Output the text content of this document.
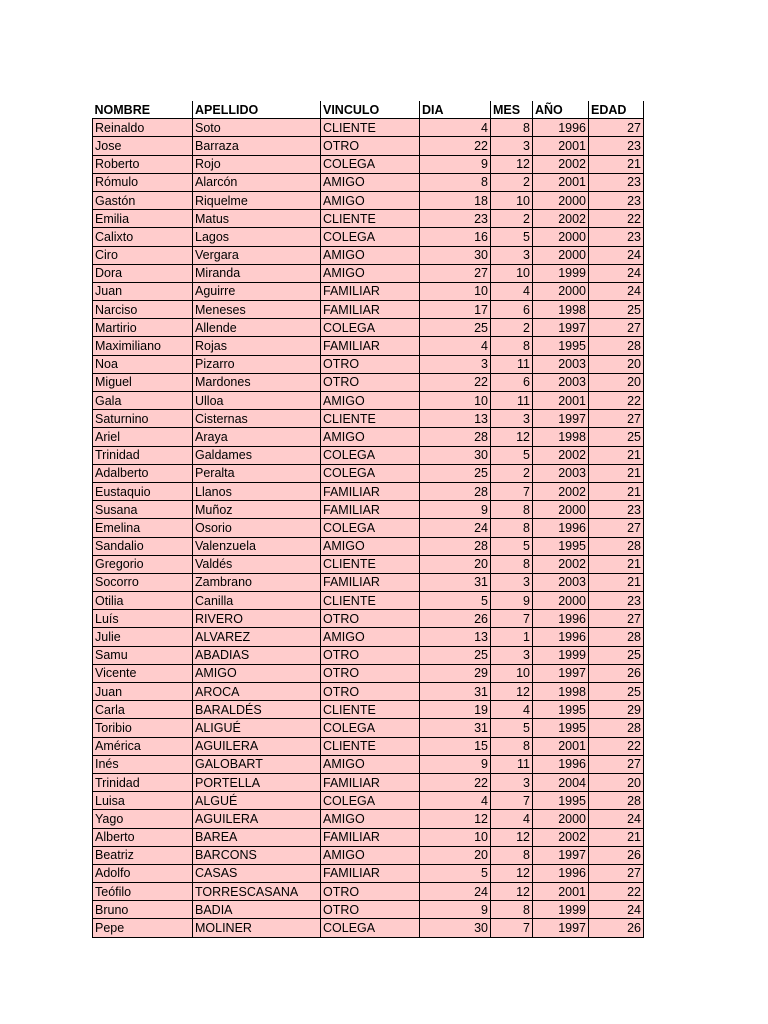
NOMBRE	APELLIDO	VINCULO	DIA	MES	AÑO	EDAD
Reinaldo	Soto	CLIENTE	4	8	1996	27
Jose	Barraza	OTRO	22	3	2001	23
Roberto	Rojo	COLEGA	9	12	2002	21
Rómulo	Alarcón	AMIGO	8	2	2001	23
Gastón	Riquelme	AMIGO	18	10	2000	23
Emilia	Matus	CLIENTE	23	2	2002	22
Calixto	Lagos	COLEGA	16	5	2000	23
Ciro	Vergara	AMIGO	30	3	2000	24
Dora	Miranda	AMIGO	27	10	1999	24
Juan	Aguirre	FAMILIAR	10	4	2000	24
Narciso	Meneses	FAMILIAR	17	6	1998	25
Martirio	Allende	COLEGA	25	2	1997	27
Maximiliano	Rojas	FAMILIAR	4	8	1995	28
Noa	Pizarro	OTRO	3	11	2003	20
Miguel	Mardones	OTRO	22	6	2003	20
Gala	Ulloa	AMIGO	10	11	2001	22
Saturnino	Cisternas	CLIENTE	13	3	1997	27
Ariel	Araya	AMIGO	28	12	1998	25
Trinidad	Galdames	COLEGA	30	5	2002	21
Adalberto	Peralta	COLEGA	25	2	2003	21
Eustaquio	Llanos	FAMILIAR	28	7	2002	21
Susana	Muñoz	FAMILIAR	9	8	2000	23
Emelina	Osorio	COLEGA	24	8	1996	27
Sandalio	Valenzuela	AMIGO	28	5	1995	28
Gregorio	Valdés	CLIENTE	20	8	2002	21
Socorro	Zambrano	FAMILIAR	31	3	2003	21
Otilia	Canilla	CLIENTE	5	9	2000	23
Luís	RIVERO	OTRO	26	7	1996	27
Julie	ALVAREZ	AMIGO	13	1	1996	28
Samu	ABADIAS	OTRO	25	3	1999	25
Vicente	AMIGO	OTRO	29	10	1997	26
Juan	AROCA	OTRO	31	12	1998	25
Carla	BARALDÉS	CLIENTE	19	4	1995	29
Toribio	ALIGUÉ	COLEGA	31	5	1995	28
América	AGUILERA	CLIENTE	15	8	2001	22
Inés	GALOBART	AMIGO	9	11	1996	27
Trinidad	PORTELLA	FAMILIAR	22	3	2004	20
Luisa	ALGUÉ	COLEGA	4	7	1995	28
Yago	AGUILERA	AMIGO	12	4	2000	24
Alberto	BAREA	FAMILIAR	10	12	2002	21
Beatriz	BARCONS	AMIGO	20	8	1997	26
Adolfo	CASAS	FAMILIAR	5	12	1996	27
Teófilo	TORRESCASANA	OTRO	24	12	2001	22
Bruno	BADIA	OTRO	9	8	1999	24
Pepe	MOLINER	COLEGA	30	7	1997	26
